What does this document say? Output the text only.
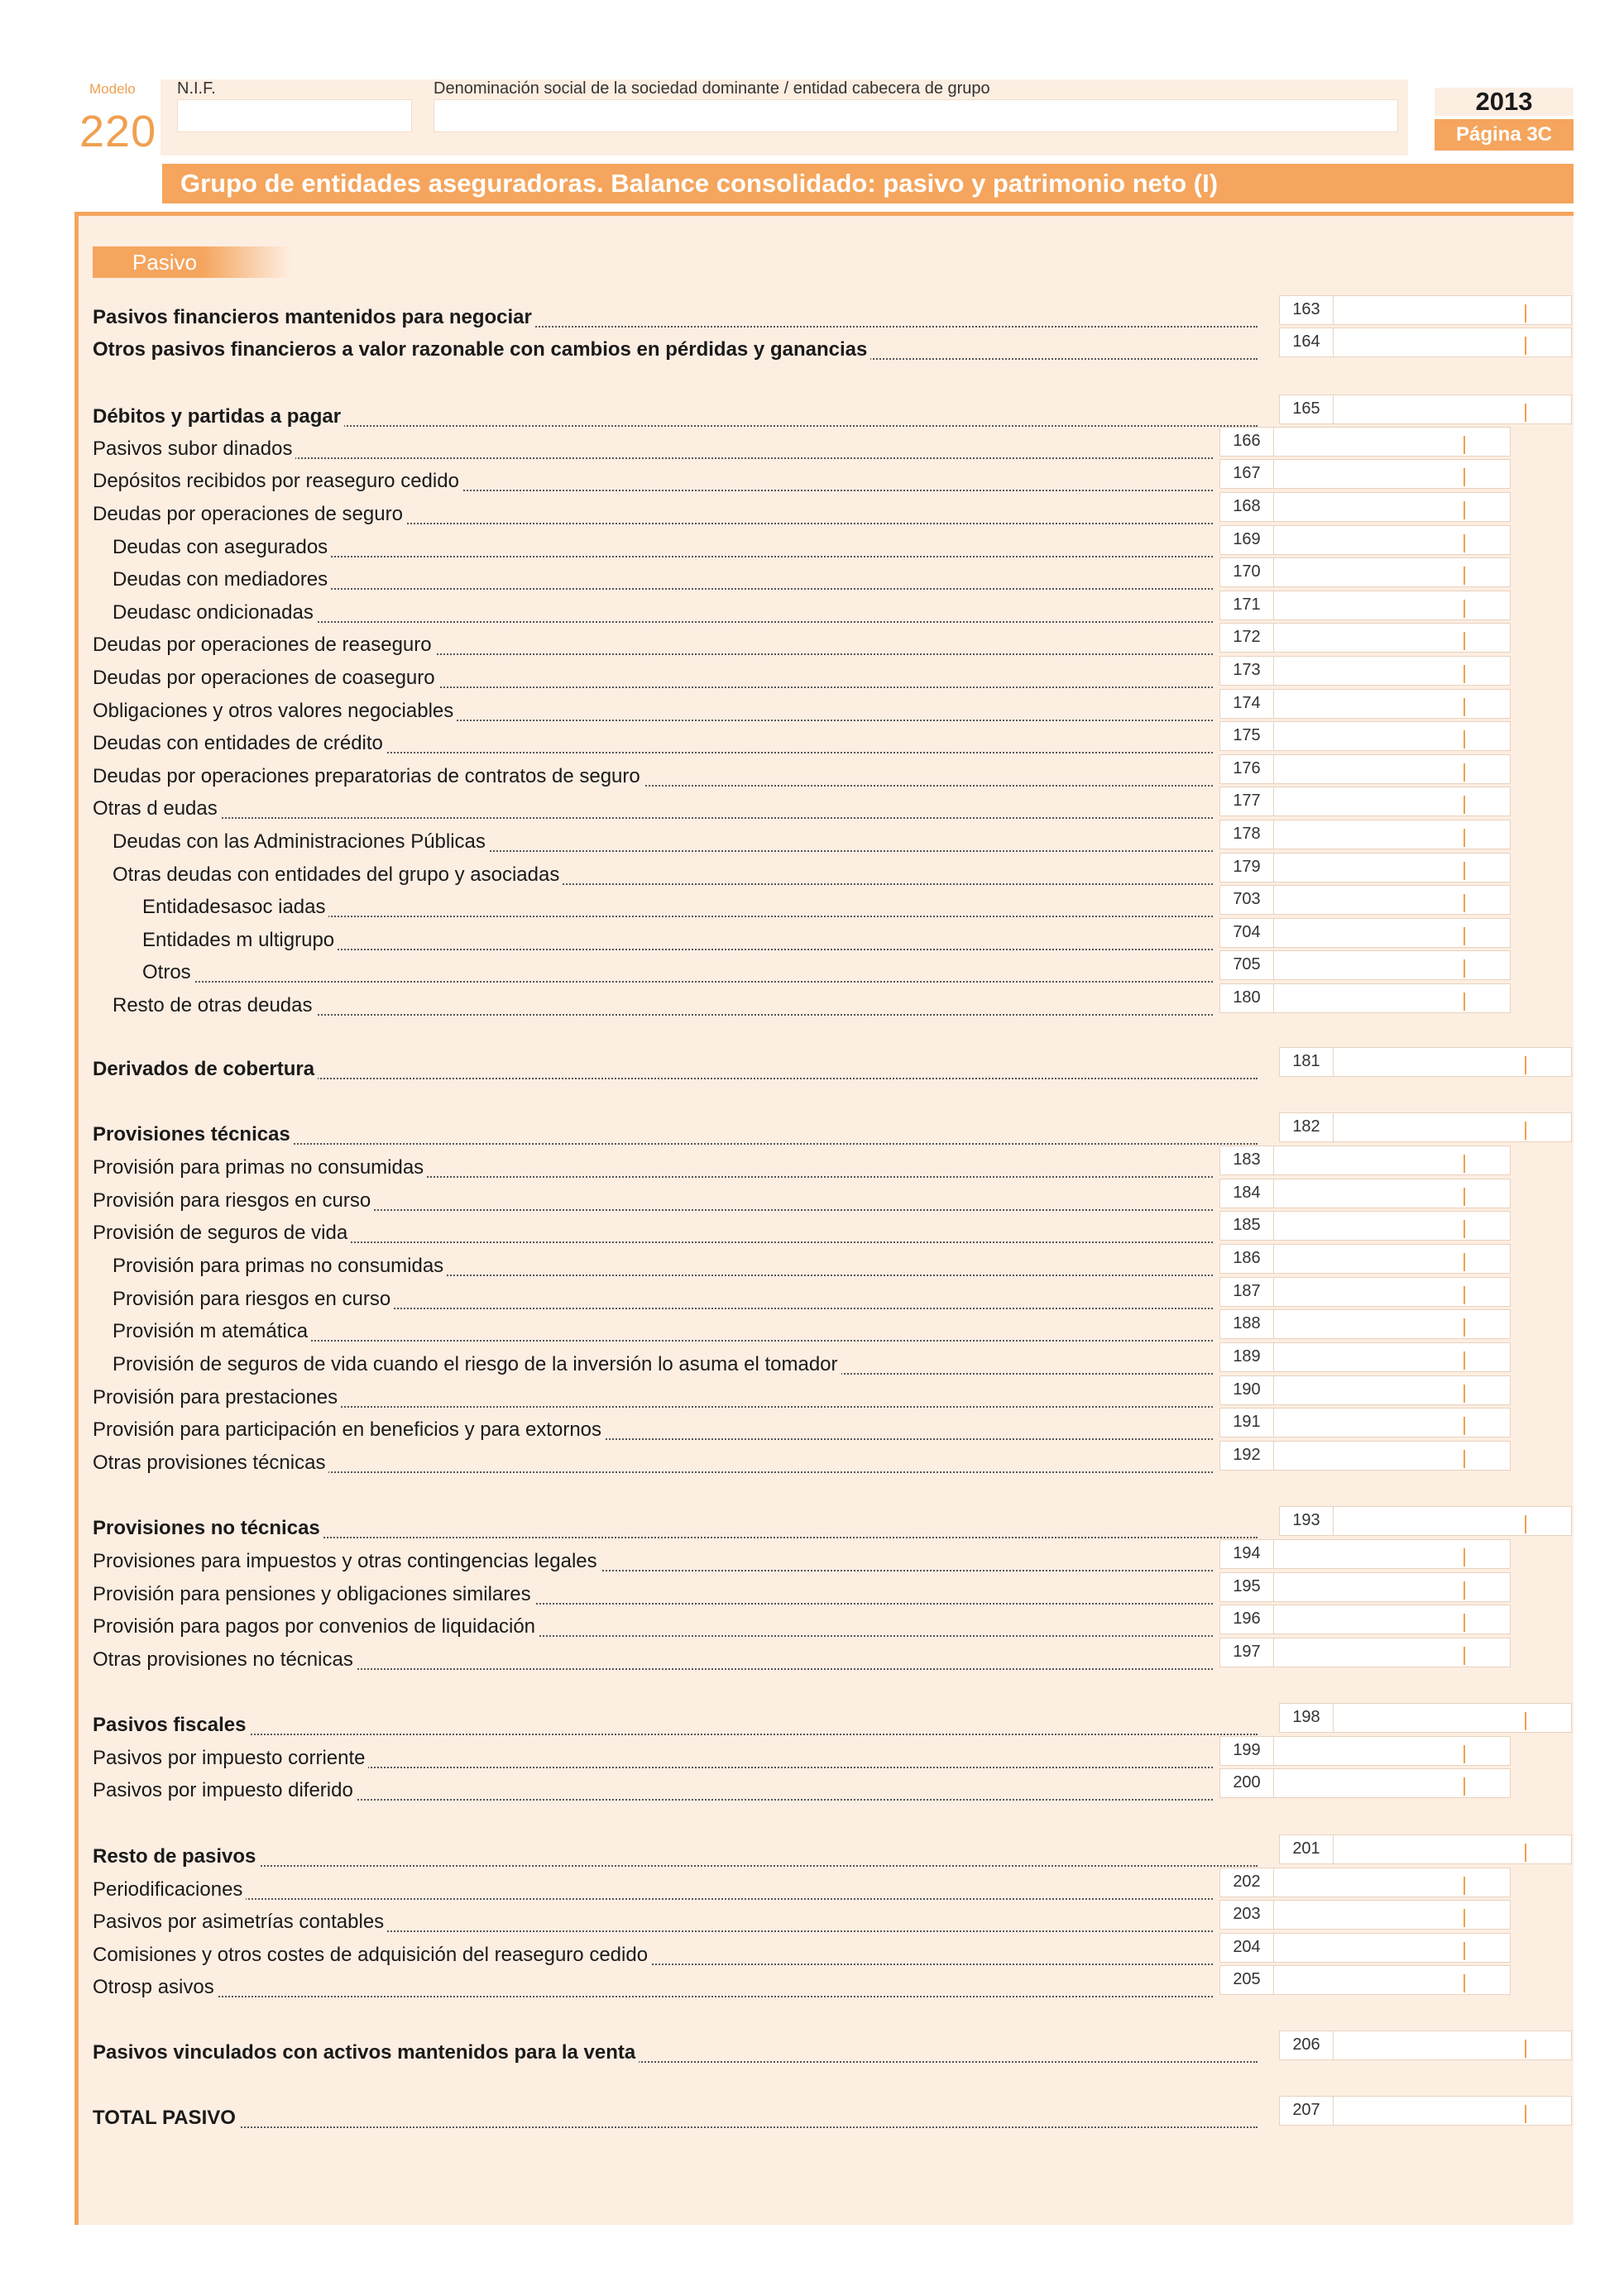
Modelo
220
N.I.F.	Denominación social de la sociedad dominante / entidad cabecera de grupo	2013
Página 3C
Grupo de entidades aseguradoras. Balance consolidado: pasivo y patrimonio neto (I)
Pasivo
Pasivos financieros mantenidos para negociar	163
Otros pasivos financieros a valor razonable con cambios en pérdidas y ganancias	164
Débitos y partidas a pagar	165
Pasivos subor dinados	166
Depósitos recibidos por reaseguro cedido	167
Deudas por operaciones de seguro	168
Deudas con asegurados	169
Deudas con mediadores	170
Deudasc ondicionadas	171
Deudas por operaciones de reaseguro	172
Deudas por operaciones de coaseguro	173
Obligaciones y otros valores negociables	174
Deudas con entidades de crédito	175
Deudas por operaciones preparatorias de contratos de seguro	176
Otras d eudas	177
Deudas con las Administraciones Públicas	178
Otras deudas con entidades del grupo y asociadas	179
Entidadesasoc iadas	703
Entidades m ultigrupo	704
Otros	705
Resto de otras deudas	180
Derivados de cobertura	181
Provisiones técnicas	182
Provisión para primas no consumidas	183
Provisión para riesgos en curso	184
Provisión de seguros de vida	185
Provisión para primas no consumidas	186
Provisión para riesgos en curso	187
Provisión m atemática	188
Provisión de seguros de vida cuando el riesgo de la inversión lo asuma el tomador	189
Provisión para prestaciones	190
Provisión para participación en beneficios y para extornos	191
Otras provisiones técnicas	192
Provisiones no técnicas	193
Provisiones para impuestos y otras contingencias legales	194
Provisión para pensiones y obligaciones similares	195
Provisión para pagos por convenios de liquidación	196
Otras provisiones no técnicas	197
Pasivos fiscales	198
Pasivos por impuesto corriente	199
Pasivos por impuesto diferido	200
Resto de pasivos	201
Periodificaciones	202
Pasivos por asimetrías contables	203
Comisiones y otros costes de adquisición del reaseguro cedido	204
Otrosp asivos	205
Pasivos vinculados con activos mantenidos para la venta	206
TOTAL PASIVO	207
